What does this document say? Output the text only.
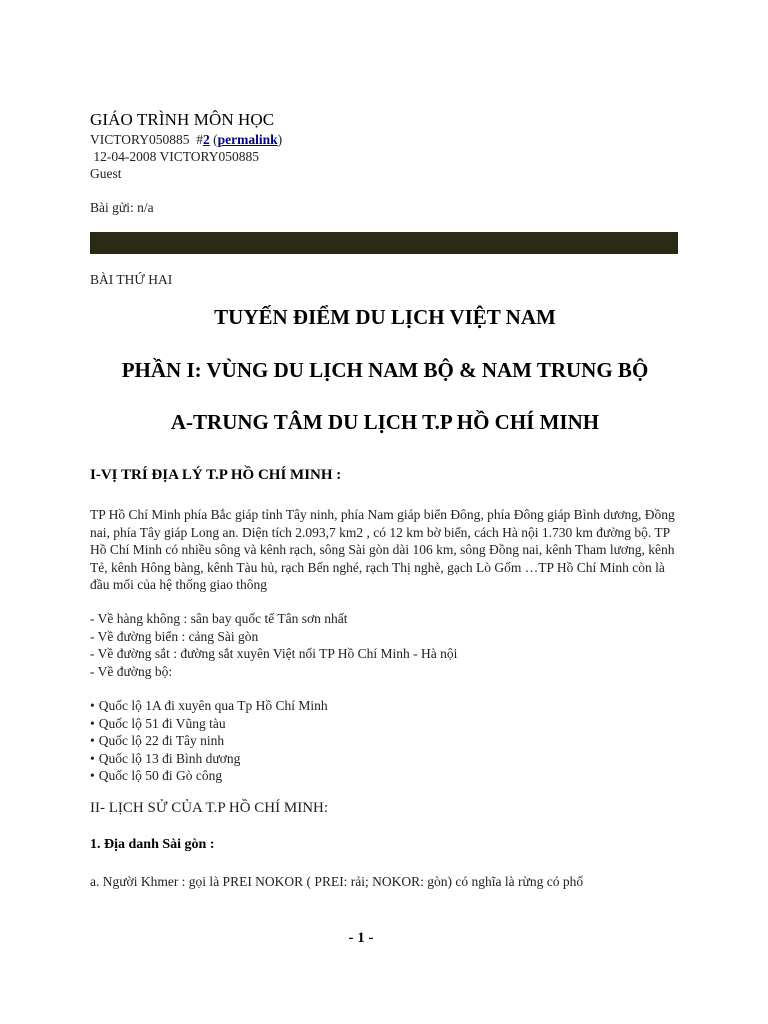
GIÁO TRÌNH MÔN HỌC
VICTORY050885 #2 (permalink)
12-04-2008 VICTORY050885
Guest
Bài gửi: n/a
BÀI THỨ HAI
TUYẾN ĐIỂM DU LỊCH VIỆT NAM
PHẦN I: VÙNG DU LỊCH NAM BỘ & NAM TRUNG BỘ
A-TRUNG TÂM DU LỊCH T.P HỒ CHÍ MINH
I-VỊ TRÍ ĐỊA LÝ T.P HỒ CHÍ MINH :
TP Hồ Chí Minh phía Bắc giáp tỉnh Tây ninh, phía Nam giáp biển Đông, phía Đông giáp Bình dương, Đồng nai, phía Tây giáp Long an. Diện tích 2.093,7 km2 , có 12 km bờ biển, cách Hà nội 1.730 km đường bộ. TP Hồ Chí Minh có nhiều sông và kênh rạch, sông Sài gòn dài 106 km, sông Đồng nai, kênh Tham lương, kênh Tẻ, kênh Hông bàng, kênh Tàu hủ, rạch Bến nghé, rạch Thị nghè, gạch Lò Gốm …TP Hồ Chí Minh còn là đầu mối của hệ thống giao thông
- Về hàng không : sân bay quốc tế Tân sơn nhất
- Về đường biển : cảng Sài gòn
- Về đường sắt : đường sắt xuyên Việt nối TP Hồ Chí Minh - Hà nội
- Về đường bộ:
• Quốc lộ 1A đi xuyên qua Tp Hồ Chí Minh
• Quốc lộ 51 đi Vũng tàu
• Quốc lộ 22 đi Tây ninh
• Quốc lộ 13 đi Bình dương
• Quốc lộ 50 đi Gò công
II- LỊCH SỬ CỦA T.P HỒ CHÍ MINH:
1. Địa danh Sài gòn :
a. Người Khmer : gọi là PREI NOKOR ( PREI: rải; NOKOR: gòn) có nghĩa là rừng có phố
- 1 -
